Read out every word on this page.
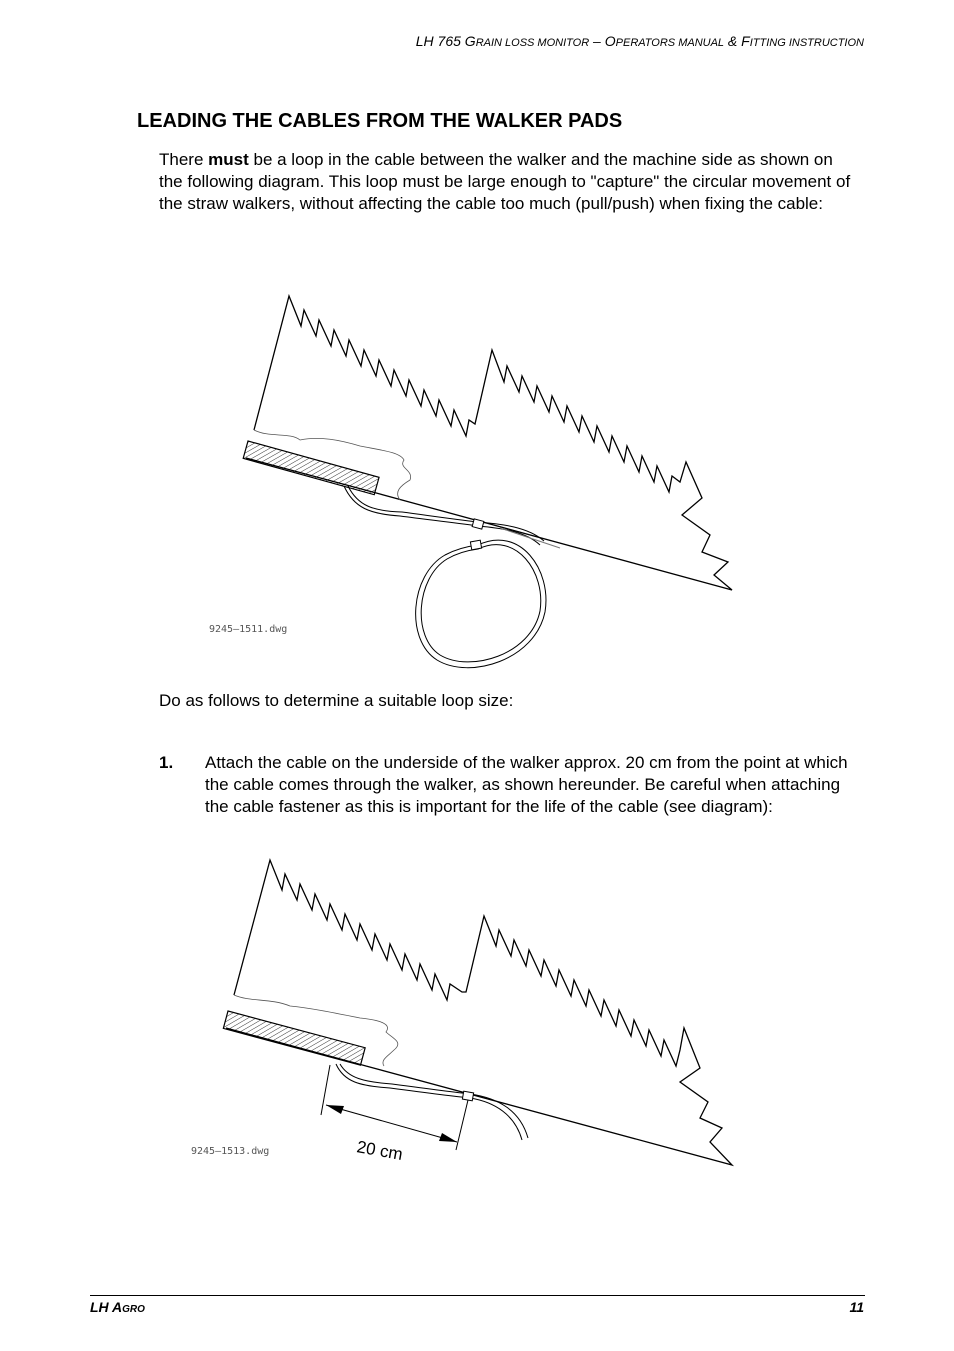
LH 765 GRAIN LOSS MONITOR – OPERATORS MANUAL & FITTING INSTRUCTION
LEADING THE CABLES FROM THE WALKER PADS
There must be a loop in the cable between the walker and the machine side as shown on the following diagram. This loop must be large enough to "capture" the circular movement of the straw walkers, without affecting the cable too much (pull/push) when fixing the cable:
9245–1511.dwg
Do as follows to determine a suitable loop size:
1. Attach the cable on the underside of the walker approx. 20 cm from the point at which the cable comes through the walker, as shown hereunder. Be careful when attaching the cable fastener as this is important for the life of the cable (see diagram):
20 cm
9245–1513.dwg
LH AGRO	11
